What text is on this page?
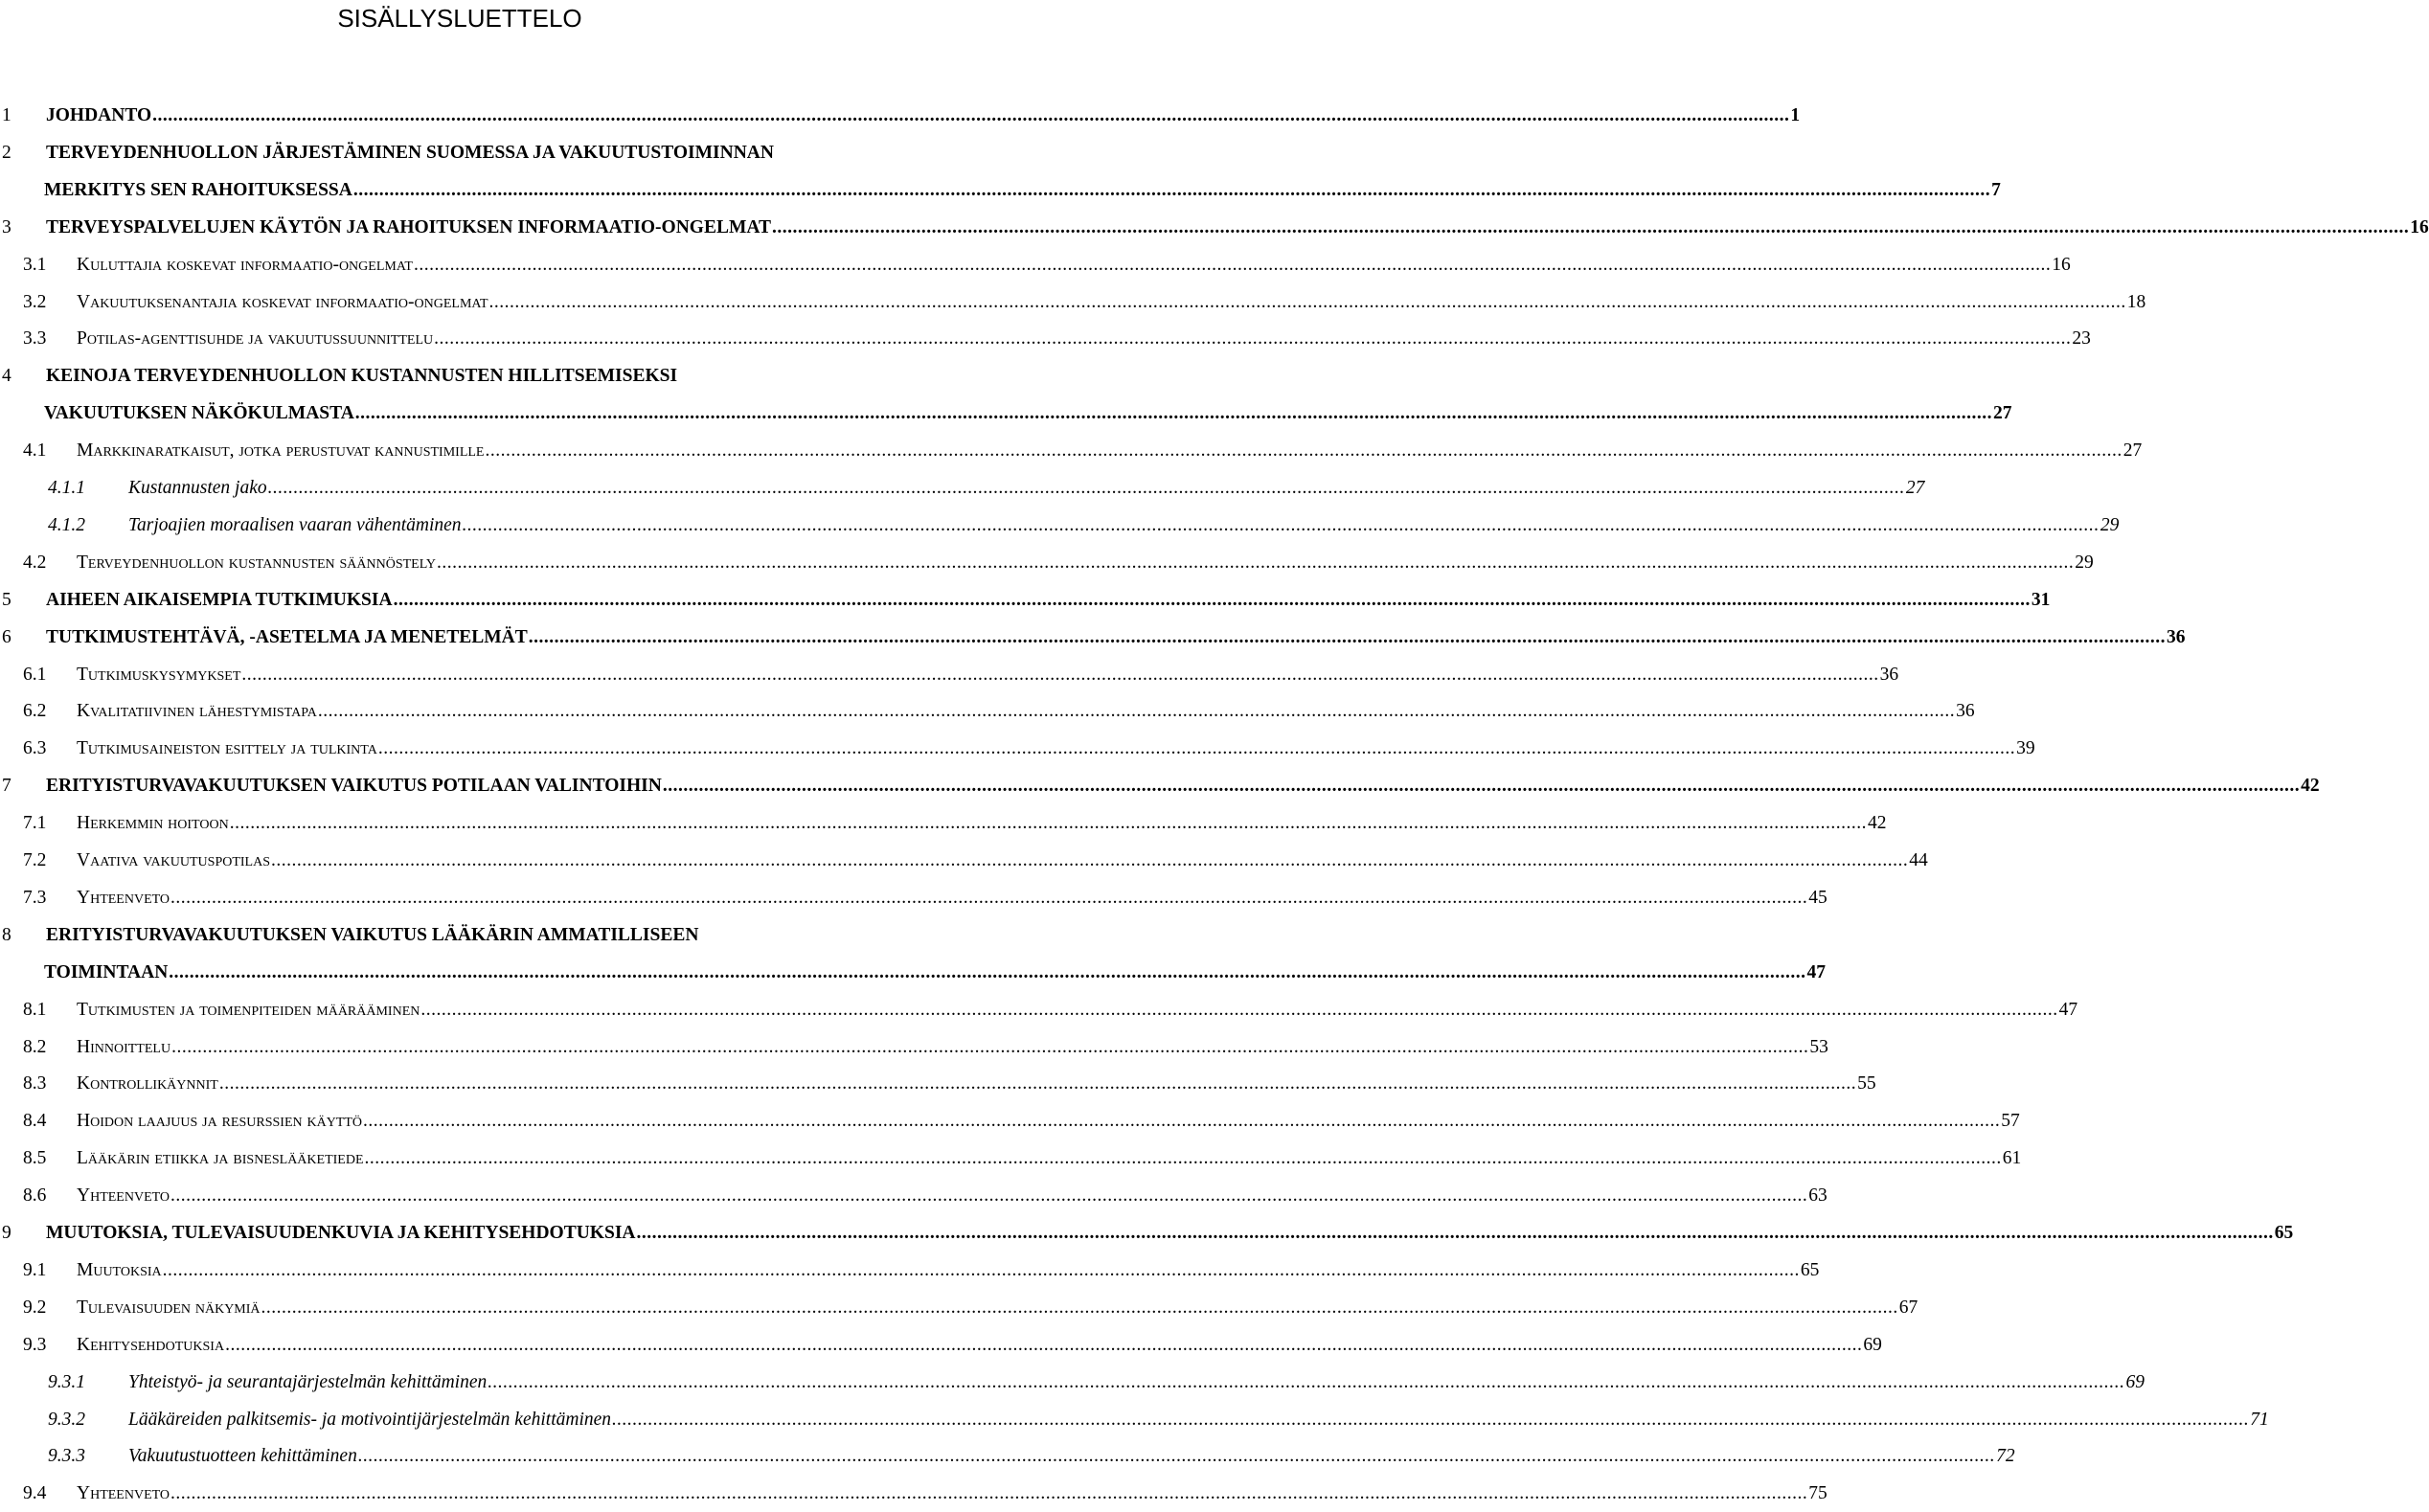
SISÄLLYSLUETTELO
1	JOHDANTO .....	1
2	TERVEYDENHUOLLON JÄRJESTÄMINEN SUOMESSA JA VAKUUTUSTOIMINNAN
MERKITYS SEN RAHOITUKSESSA .....	7
3	TERVEYSPALVELUJEN KÄYTÖN JA RAHOITUKSEN INFORMAATIO-ONGELMAT .....	16
3.1	Kuluttajia koskevat informaatio-ongelmat .....	16
3.2	Vakuutuksenantajia koskevat informaatio-ongelmat .....	18
3.3	Potilas-agenttisuhde ja vakuutussuunnittelu .....	23
4	KEINOJA TERVEYDENHUOLLON KUSTANNUSTEN HILLITSEMISEKSI
VAKUUTUKSEN NÄKÖKULMASTA .....	27
4.1	Markkinaratkaisut, jotka perustuvat kannustimille .....	27
4.1.1	Kustannusten jako .....	27
4.1.2	Tarjoajien moraalisen vaaran vähentäminen .....	29
4.2	Terveydenhuollon kustannusten säännöstely .....	29
5	AIHEEN AIKAISEMPIA TUTKIMUKSIA .....	31
6	TUTKIMUSTEHTÄVÄ, -ASETELMA JA MENETELMÄT .....	36
6.1	Tutkimuskysymykset .....	36
6.2	Kvalitatiivinen lähestymistapa .....	36
6.3	Tutkimusaineiston esittely ja tulkinta .....	39
7	ERITYISTURVAVAKUUTUKSEN VAIKUTUS POTILAAN VALINTOIHIN .....	42
7.1	Herkemmin hoitoon .....	42
7.2	Vaativa vakuutuspotilas .....	44
7.3	Yhteenveto .....	45
8	ERITYISTURVAVAKUUTUKSEN VAIKUTUS LÄÄKÄRIN AMMATILLISEEN
TOIMINTAAN .....	47
8.1	Tutkimusten ja toimenpiteiden määrääminen .....	47
8.2	Hinnoittelu .....	53
8.3	Kontrollikäynnit .....	55
8.4	Hoidon laajuus ja resurssien käyttö .....	57
8.5	Lääkärin etiikka ja bisneslääketiede .....	61
8.6	Yhteenveto .....	63
9	MUUTOKSIA, TULEVAISUUDENKUVIA JA KEHITYSEHDOTUKSIA .....	65
9.1	Muutoksia .....	65
9.2	Tulevaisuuden näkymiä .....	67
9.3	Kehitysehdotuksia .....	69
9.3.1	Yhteistyö- ja seurantajärjestelmän kehittäminen .....	69
9.3.2	Lääkäreiden palkitsemis- ja motivointijärjestelmän kehittäminen .....	71
9.3.3	Vakuutustuotteen kehittäminen .....	72
9.4	Yhteenveto .....	75
